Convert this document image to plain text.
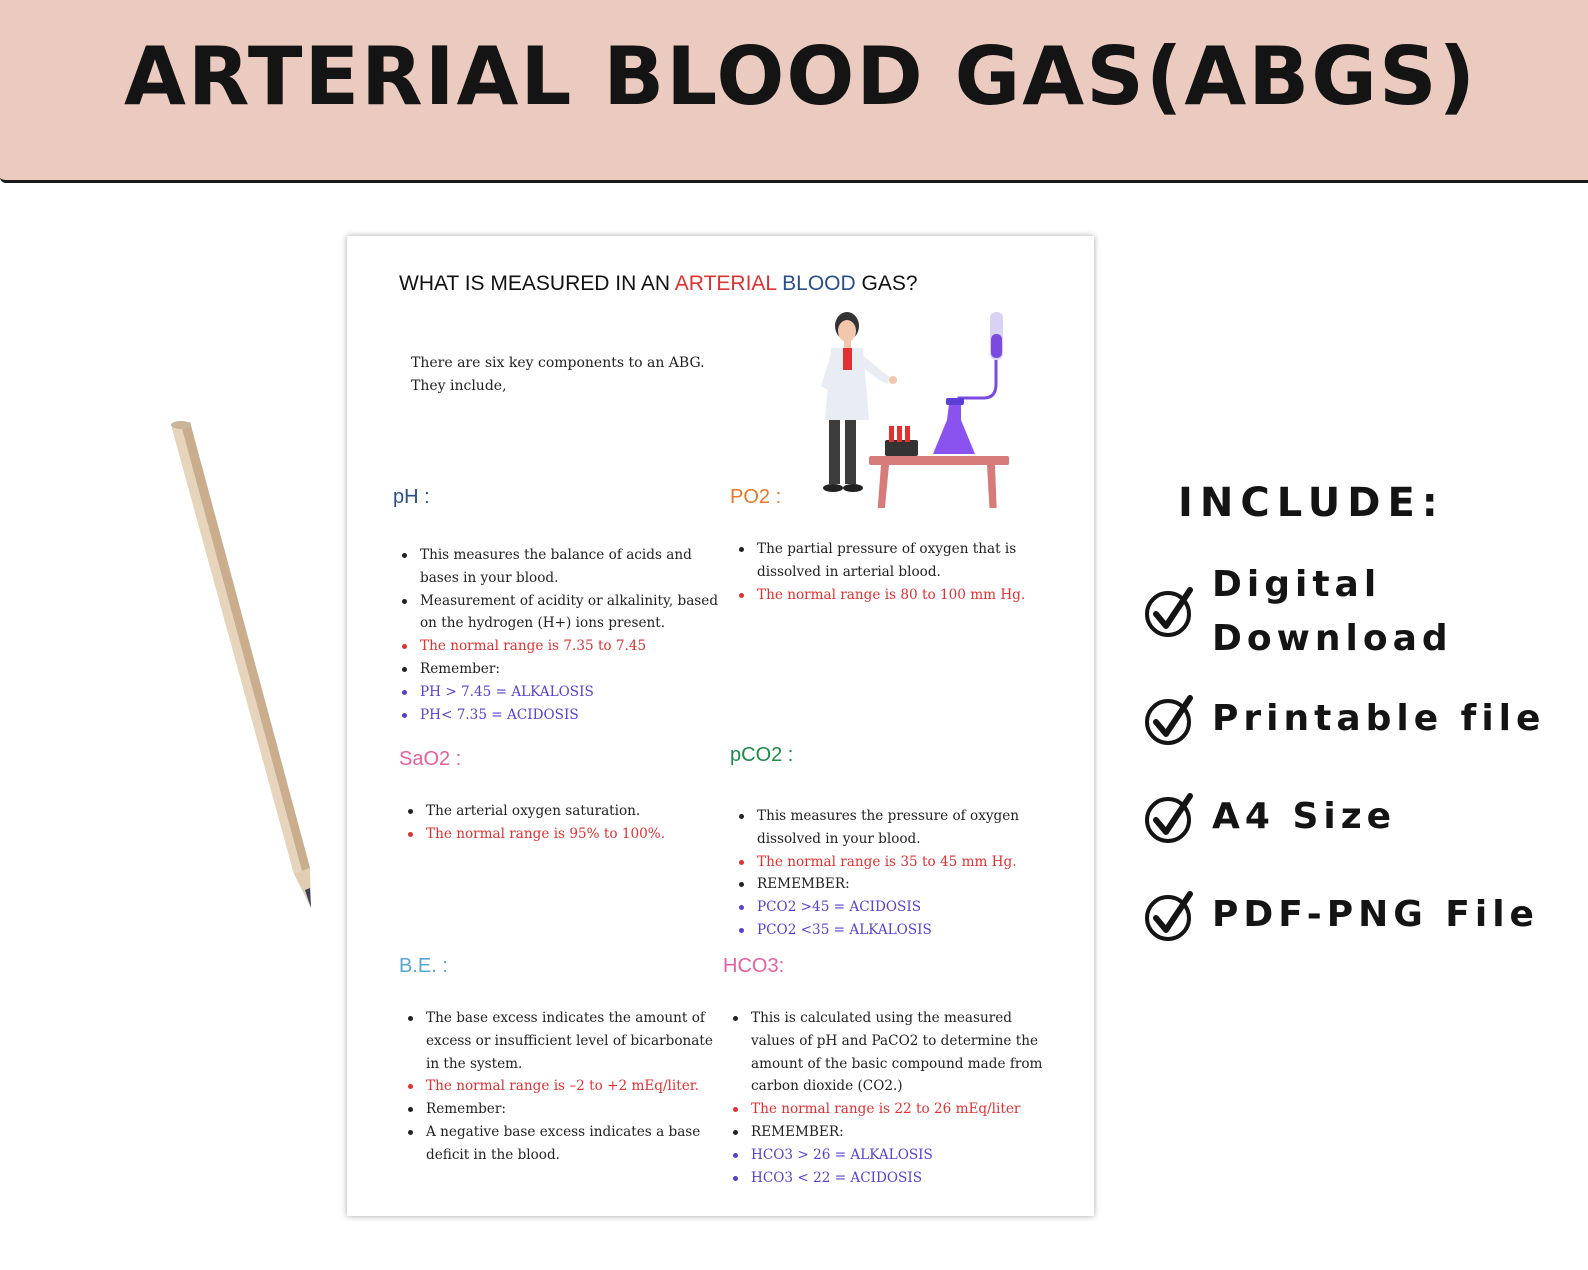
ARTERIAL BLOOD GAS(ABGS)
WHAT IS MEASURED IN AN ARTERIAL BLOOD GAS?
There are six key components to an ABG.
They include,
pH :
This measures the balance of acids and bases in your blood.
Measurement of acidity or alkalinity, based on the hydrogen (H+) ions present.
The normal range is 7.35 to 7.45
Remember:
PH > 7.45 = ALKALOSIS
PH< 7.35 = ACIDOSIS
PO2 :
The partial pressure of oxygen that is dissolved in arterial blood.
The normal range is 80 to 100 mm Hg.
SaO2 :
The arterial oxygen saturation.
The normal range is 95% to 100%.
pCO2 :
This measures the pressure of oxygen dissolved in your blood.
The normal range is 35 to 45 mm Hg.
REMEMBER:
PCO2 >45 = ACIDOSIS
PCO2 <35 = ALKALOSIS
B.E. :
The base excess indicates the amount of excess or insufficient level of bicarbonate in the system.
The normal range is –2 to +2 mEq/liter.
Remember:
A negative base excess indicates a base deficit in the blood.
HCO3:
This is calculated using the measured values of pH and PaCO2 to determine the amount of the basic compound made from carbon dioxide (CO2.)
The normal range is 22 to 26 mEq/liter
REMEMBER:
HCO3 > 26 = ALKALOSIS
HCO3 < 22 = ACIDOSIS
INCLUDE:
Digital
Download
Printable file
A4 Size
PDF-PNG File
